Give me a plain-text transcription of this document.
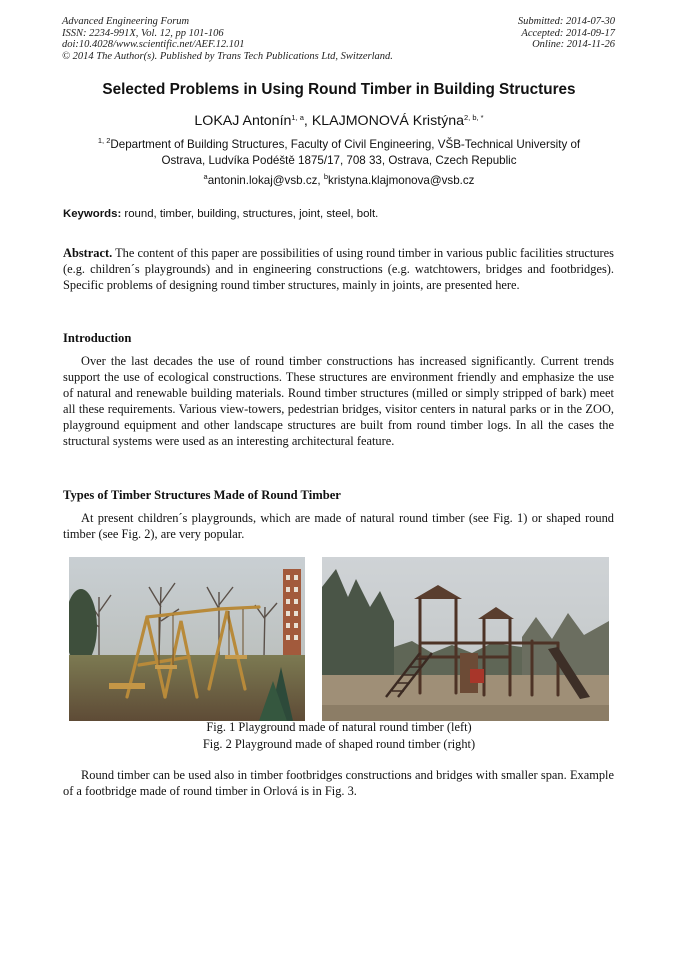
Advanced Engineering Forum
ISSN: 2234-991X, Vol. 12, pp 101-106
doi:10.4028/www.scientific.net/AEF.12.101
© 2014 The Author(s). Published by Trans Tech Publications Ltd, Switzerland.
Submitted: 2014-07-30
Accepted: 2014-09-17
Online: 2014-11-26
Selected Problems in Using Round Timber in Building Structures
LOKAJ Antonín$^{1, a}$, KLAJMONOVÁ Kristýna$^{2, b, *}$
$^{1, 2}$Department of Building Structures, Faculty of Civil Engineering, VŠB-Technical University of
Ostrava, Ludvíka Podéště 1875/17, 708 33, Ostrava, Czech Republic
$^a$antonin.lokaj@vsb.cz, $^b$kristyna.klajmonova@vsb.cz
Keywords: round, timber, building, structures, joint, steel, bolt.
Abstract. The content of this paper are possibilities of using round timber in various public facilities structures (e.g. children´s playgrounds) and in engineering constructions (e.g. watchtowers, bridges and footbridges). Specific problems of designing round timber structures, mainly in joints, are presented here.
Introduction
Over the last decades the use of round timber constructions has increased significantly. Current trends support the use of ecological constructions. These structures are environment friendly and emphasize the use of natural and renewable building materials. Round timber structures (milled or simply stripped of bark) meet all these requirements. Various view-towers, pedestrian bridges, visitor centers in natural parks or in the ZOO, playground equipment and other landscape structures are built from round timber logs. In all the cases the structural systems were used as an interesting architectural feature.
Types of Timber Structures Made of Round Timber
At present children´s playgrounds, which are made of natural round timber (see Fig. 1) or shaped round timber (see Fig. 2), are very popular.
Fig. 1 Playground made of natural round timber (left)
Fig. 2 Playground made of shaped round timber (right)
Round timber can be used also in timber footbridges constructions and bridges with smaller span. Example of a footbridge made of round timber in Orlová is in Fig. 3.
